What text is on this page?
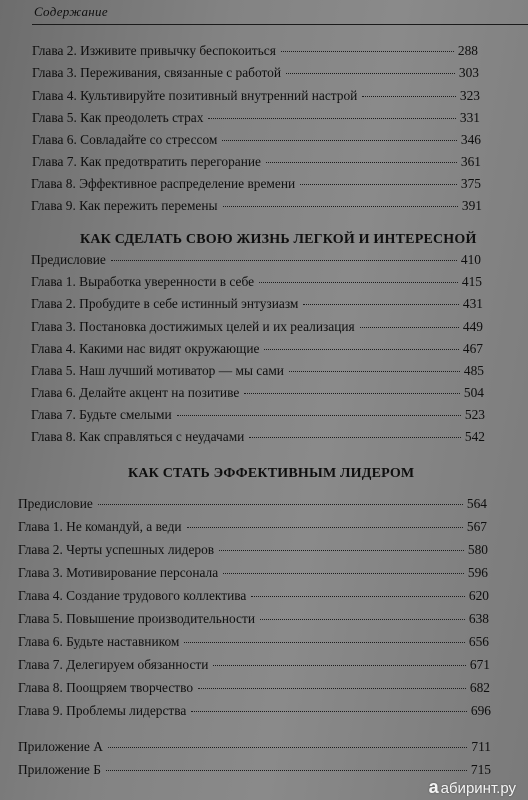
Содержание
Глава 2. Изживите привычку беспокоиться	288
Глава 3. Переживания, связанные с работой	303
Глава 4. Культивируйте позитивный внутренний настрой	323
Глава 5. Как преодолеть страх	331
Глава 6. Совладайте со стрессом	346
Глава 7. Как предотвратить перегорание	361
Глава 8. Эффективное распределение времени	375
Глава 9. Как пережить перемены	391
КАК СДЕЛАТЬ СВОЮ ЖИЗНЬ ЛЕГКОЙ И ИНТЕРЕСНОЙ
Предисловие	410
Глава 1. Выработка уверенности в себе	415
Глава 2. Пробудите в себе истинный энтузиазм	431
Глава 3. Постановка достижимых целей и их реализация	449
Глава 4. Какими нас видят окружающие	467
Глава 5. Наш лучший мотиватор — мы сами	485
Глава 6. Делайте акцент на позитиве	504
Глава 7. Будьте смелыми	523
Глава 8. Как справляться с неудачами	542
КАК СТАТЬ ЭФФЕКТИВНЫМ ЛИДЕРОМ
Предисловие	564
Глава 1. Не командуй, а веди	567
Глава 2. Черты успешных лидеров	580
Глава 3. Мотивирование персонала	596
Глава 4. Создание трудового коллектива	620
Глава 5. Повышение производительности	638
Глава 6. Будьте наставником	656
Глава 7. Делегируем обязанности	671
Глава 8. Поощряем творчество	682
Глава 9. Проблемы лидерства	696
Приложение А	711
Приложение Б	715
a абиринт.ру
